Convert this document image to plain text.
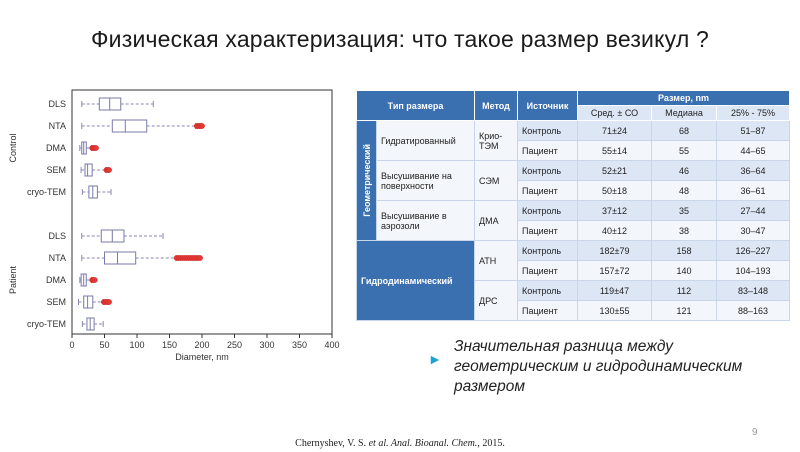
Физическая характеризация: что такое размер везикул ?
0	50 100 150 200 250 300 350 400
Diameter, nm
Control
DLS
NTA
DMA
SEM
cryo-TEM
Patient
DLS
NTA
DMA
SEM
cryo-TEM
Тип размера		Метод	Источник	Размер, nm		
				Сред. ± СО	Медиана	25% - 75%

Геометрический	Гидратированный	Крио-ТЭМ	Контроль	71±24	68	51–87
			Пациент	55±14	55	44–65
	Высушивание на поверхности	СЭМ	Контроль	52±21	46	36–64
			Пациент	50±18	48	36–61
	Высушивание в аэрозоли	ДМА	Контроль	37±12	35	27–44
			Пациент	40±12	38	30–47
Гидродинамический		АТН	Контроль	182±79	158	126–227
			Пациент	157±72	140	104–193
		ДРС	Контроль	119±47	112	83–148
			Пациент	130±55	121	88–163
►
Значительная разница между геометрическим и гидродинамическим размером
9
Chernyshev, V. S. et al. Anal. Bioanal. Chem., 2015.
